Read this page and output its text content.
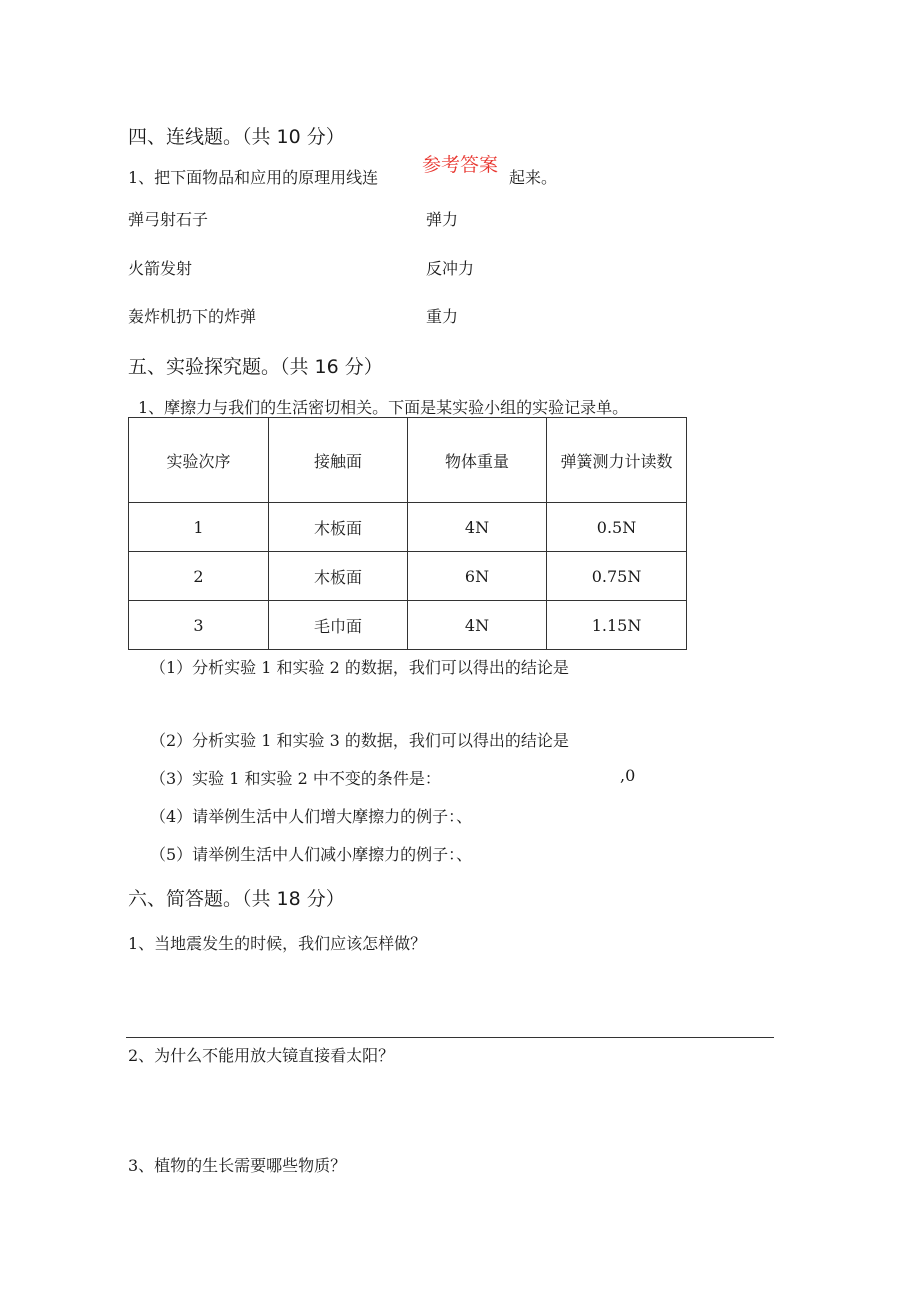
四、连线题。（共 10 分）
1、把下面物品和应用的原理用线连
参考答案
起来。
弹弓射石子
火箭发射
轰炸机扔下的炸弹
弹力
反冲力
重力
五、实验探究题。（共 16 分）
1、摩擦力与我们的生活密切相关。下面是某实验小组的实验记录单。
实验次序	接触面	物体重量	弹簧测力计读数
1	木板面	4N	0.5N
2	木板面	6N	0.75N
3	毛巾面	4N	1.15N
（1）分析实验 1 和实验 2 的数据，我们可以得出的结论是
（2）分析实验 1 和实验 3 的数据，我们可以得出的结论是
（3）实验 1 和实验 2 中不变的条件是：	,0
（4）请举例生活中人们增大摩擦力的例子：、
（5）请举例生活中人们减小摩擦力的例子：、
六、简答题。（共 18 分）
1、当地震发生的时候，我们应该怎样做？
2、为什么不能用放大镜直接看太阳？
3、植物的生长需要哪些物质？
